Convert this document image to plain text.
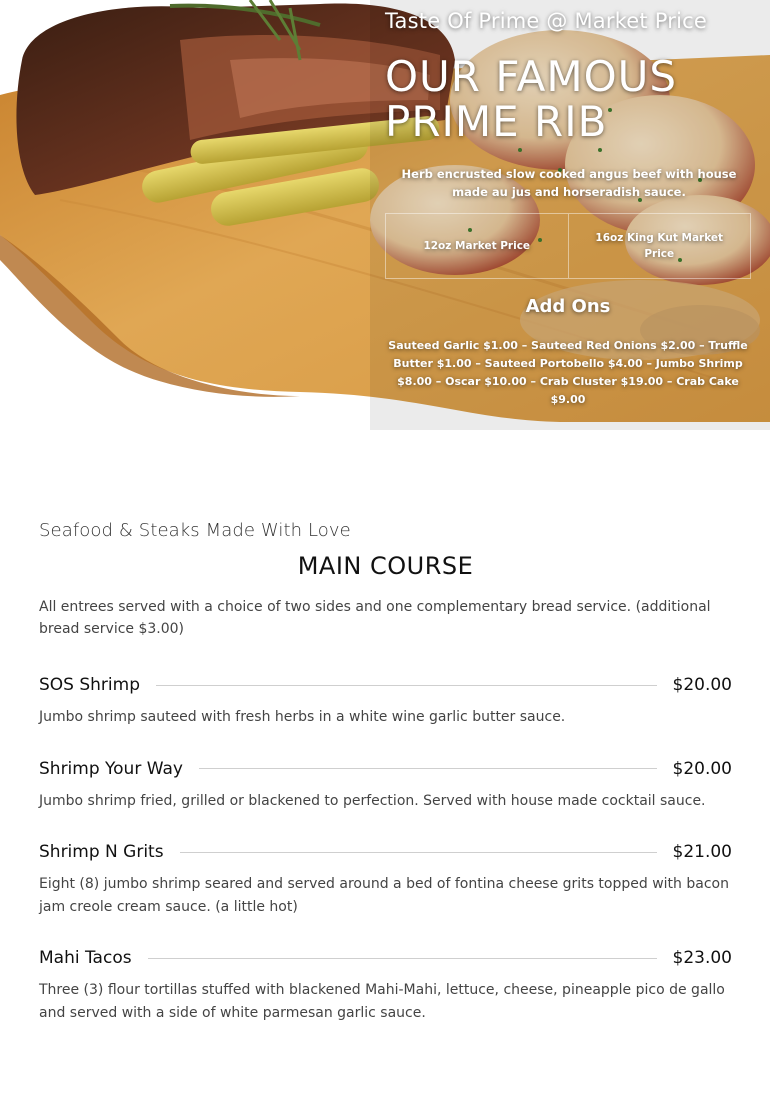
Taste Of Prime @ Market Price
OUR FAMOUS
PRIME RIB
Herb encrusted slow cooked angus beef with house made au jus and horseradish sauce.
12oz Market Price
16oz King Kut Market Price
Add Ons
Sauteed Garlic $1.00 – Sauteed Red Onions $2.00 – Truffle Butter $1.00 – Sauteed Portobello $4.00 – Jumbo Shrimp $8.00 – Oscar $10.00 – Crab Cluster $19.00 – Crab Cake $9.00
Seafood & Steaks Made With Love
MAIN COURSE
All entrees served with a choice of two sides and one complementary bread service. (additional bread service $3.00)
SOS Shrimp	$20.00
Jumbo shrimp sauteed with fresh herbs in a white wine garlic butter sauce.
Shrimp Your Way	$20.00
Jumbo shrimp fried, grilled or blackened to perfection. Served with house made cocktail sauce.
Shrimp N Grits	$21.00
Eight (8) jumbo shrimp seared and served around a bed of fontina cheese grits topped with bacon jam creole cream sauce. (a little hot)
Mahi Tacos	$23.00
Three (3) flour tortillas stuffed with blackened Mahi-Mahi, lettuce, cheese, pineapple pico de gallo and served with a side of white parmesan garlic sauce.
